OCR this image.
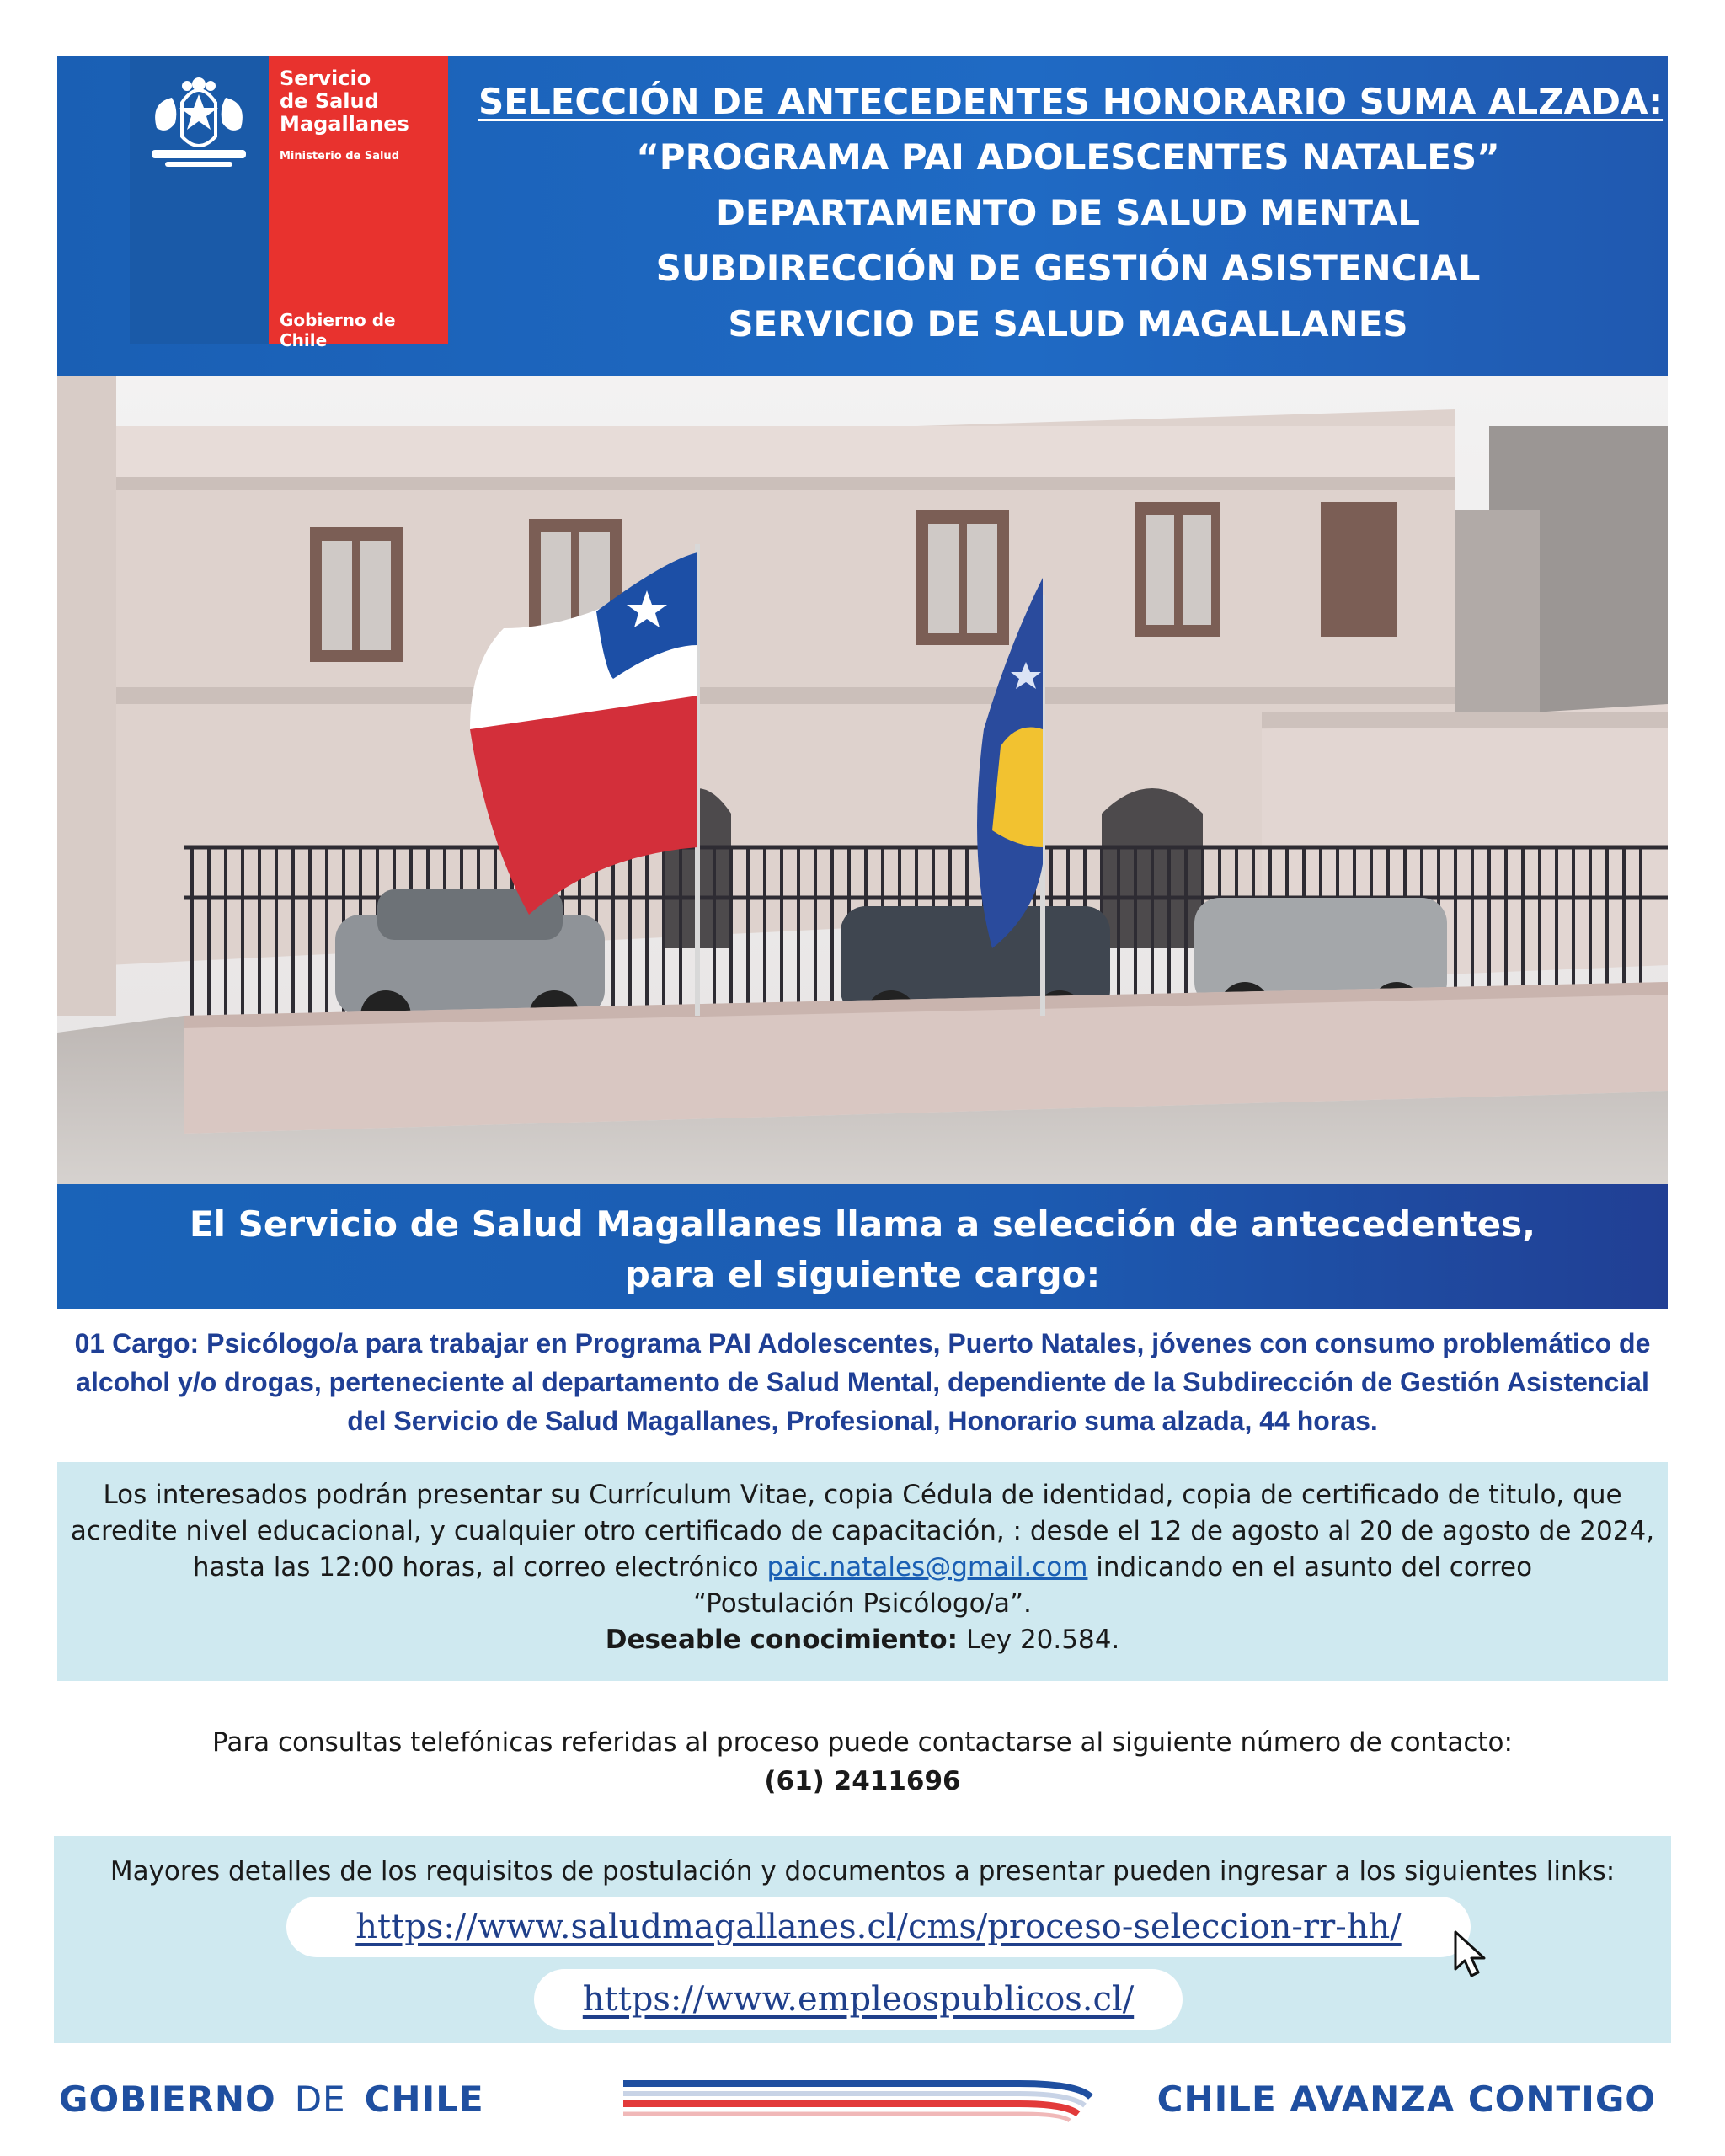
Servicio
de Salud
Magallanes
Ministerio de Salud
Gobierno de Chile
SELECCIÓN DE ANTECEDENTES HONORARIO SUMA ALZADA:
“PROGRAMA PAI ADOLESCENTES NATALES”
DEPARTAMENTO DE SALUD MENTAL
SUBDIRECCIÓN DE GESTIÓN ASISTENCIAL
SERVICIO DE SALUD MAGALLANES
El Servicio de Salud Magallanes llama a selección de antecedentes,
para el siguiente cargo:
01 Cargo: Psicólogo/a para trabajar en Programa PAI Adolescentes, Puerto Natales, jóvenes con consumo problemático de
alcohol y/o drogas, perteneciente al departamento de Salud Mental, dependiente de la Subdirección de Gestión Asistencial
del Servicio de Salud Magallanes, Profesional, Honorario suma alzada, 44 horas.
Los interesados podrán presentar su Currículum Vitae, copia Cédula de identidad, copia de certificado de titulo, que
acredite nivel educacional, y cualquier otro certificado de capacitación, : desde el 12 de agosto al 20 de agosto de 2024,
hasta las 12:00 horas, al correo electrónico paic.natales@gmail.com indicando en el asunto del correo
“Postulación Psicólogo/a”.
Deseable conocimiento: Ley 20.584.
Para consultas telefónicas referidas al proceso puede contactarse al siguiente número de contacto:
(61) 2411696
Mayores detalles de los requisitos de postulación y documentos a presentar pueden ingresar a los siguientes links:
https://www.saludmagallanes.cl/cms/proceso-seleccion-rr-hh/
https://www.empleospublicos.cl/
GOBIERNO DE CHILE	CHILE AVANZA CONTIGO
